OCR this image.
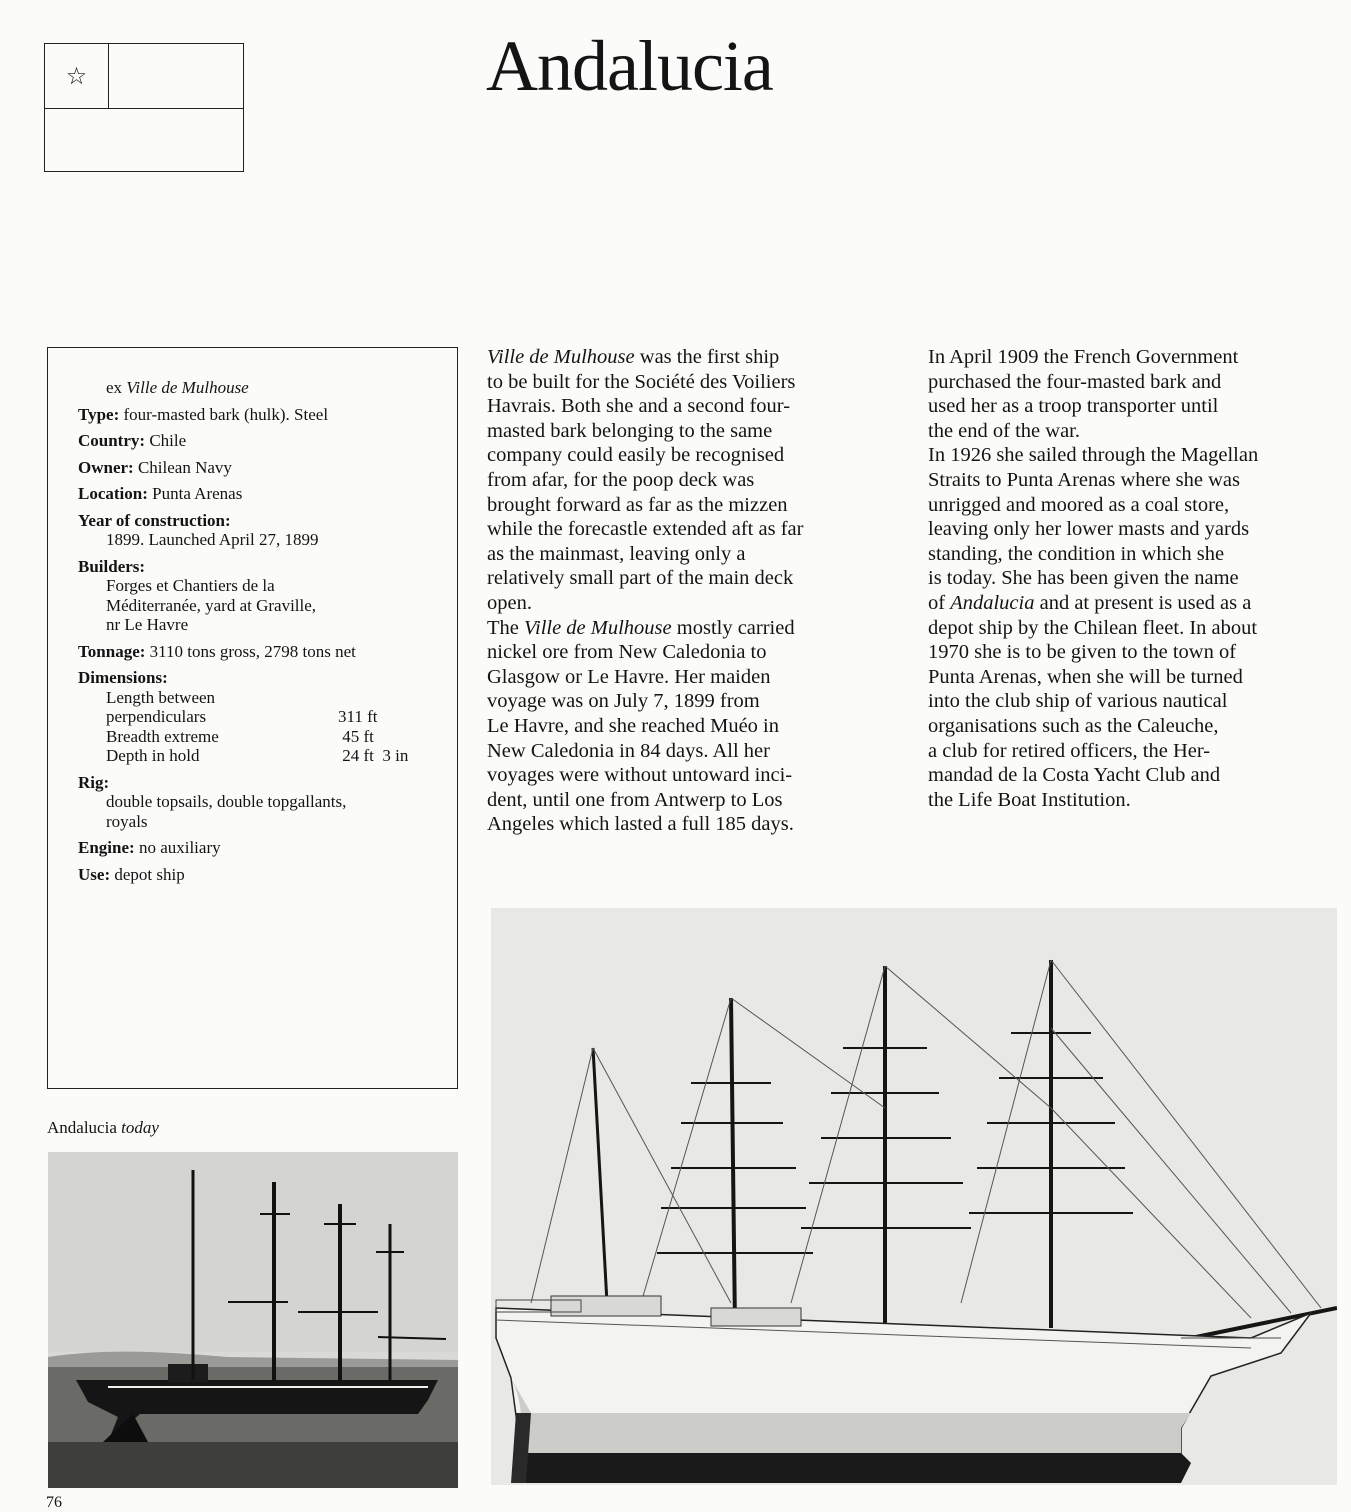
☆	Andalucia
ex Ville de Mulhouse
Type: four-masted bark (hulk). Steel
Country: Chile
Owner: Chilean Navy
Location: Punta Arenas
Year of construction:
1899. Launched April 27, 1899
Builders:
Forges et Chantiers de la
Méditerranée, yard at Graville,
nr Le Havre
Tonnage: 3110 tons gross, 2798 tons net
Dimensions:
Length between
perpendiculars	311 ft
Breadth extreme	45 ft
Depth in hold	24 ft  3 in
Rig:
double topsails, double topgallants,
royals
Engine: no auxiliary
Use: depot ship

Ville de Mulhouse was the first ship

to be built for the Société des Voiliers

Havrais. Both she and a second four-

masted bark belonging to the same

company could easily be recognised

from afar, for the poop deck was

brought forward as far as the mizzen

while the forecastle extended aft as far

as the mainmast, leaving only a

relatively small part of the main deck

open.

The Ville de Mulhouse mostly carried

nickel ore from New Caledonia to

Glasgow or Le Havre. Her maiden

voyage was on July 7, 1899 from

Le Havre, and she reached Muéo in

New Caledonia in 84 days. All her

voyages were without untoward inci-

dent, until one from Antwerp to Los

Angeles which lasted a full 185 days.

In April 1909 the French Government

purchased the four-masted bark and

used her as a troop transporter until

the end of the war.

In 1926 she sailed through the Magellan

Straits to Punta Arenas where she was

unrigged and moored as a coal store,

leaving only her lower masts and yards

standing, the condition in which she

is today. She has been given the name

of Andalucia and at present is used as a

depot ship by the Chilean fleet. In about

1970 she is to be given to the town of

Punta Arenas, when she will be turned

into the club ship of various nautical

organisations such as the Caleuche,

a club for retired officers, the Her-

mandad de la Costa Yacht Club and

the Life Boat Institution.

Andalucia today
76
